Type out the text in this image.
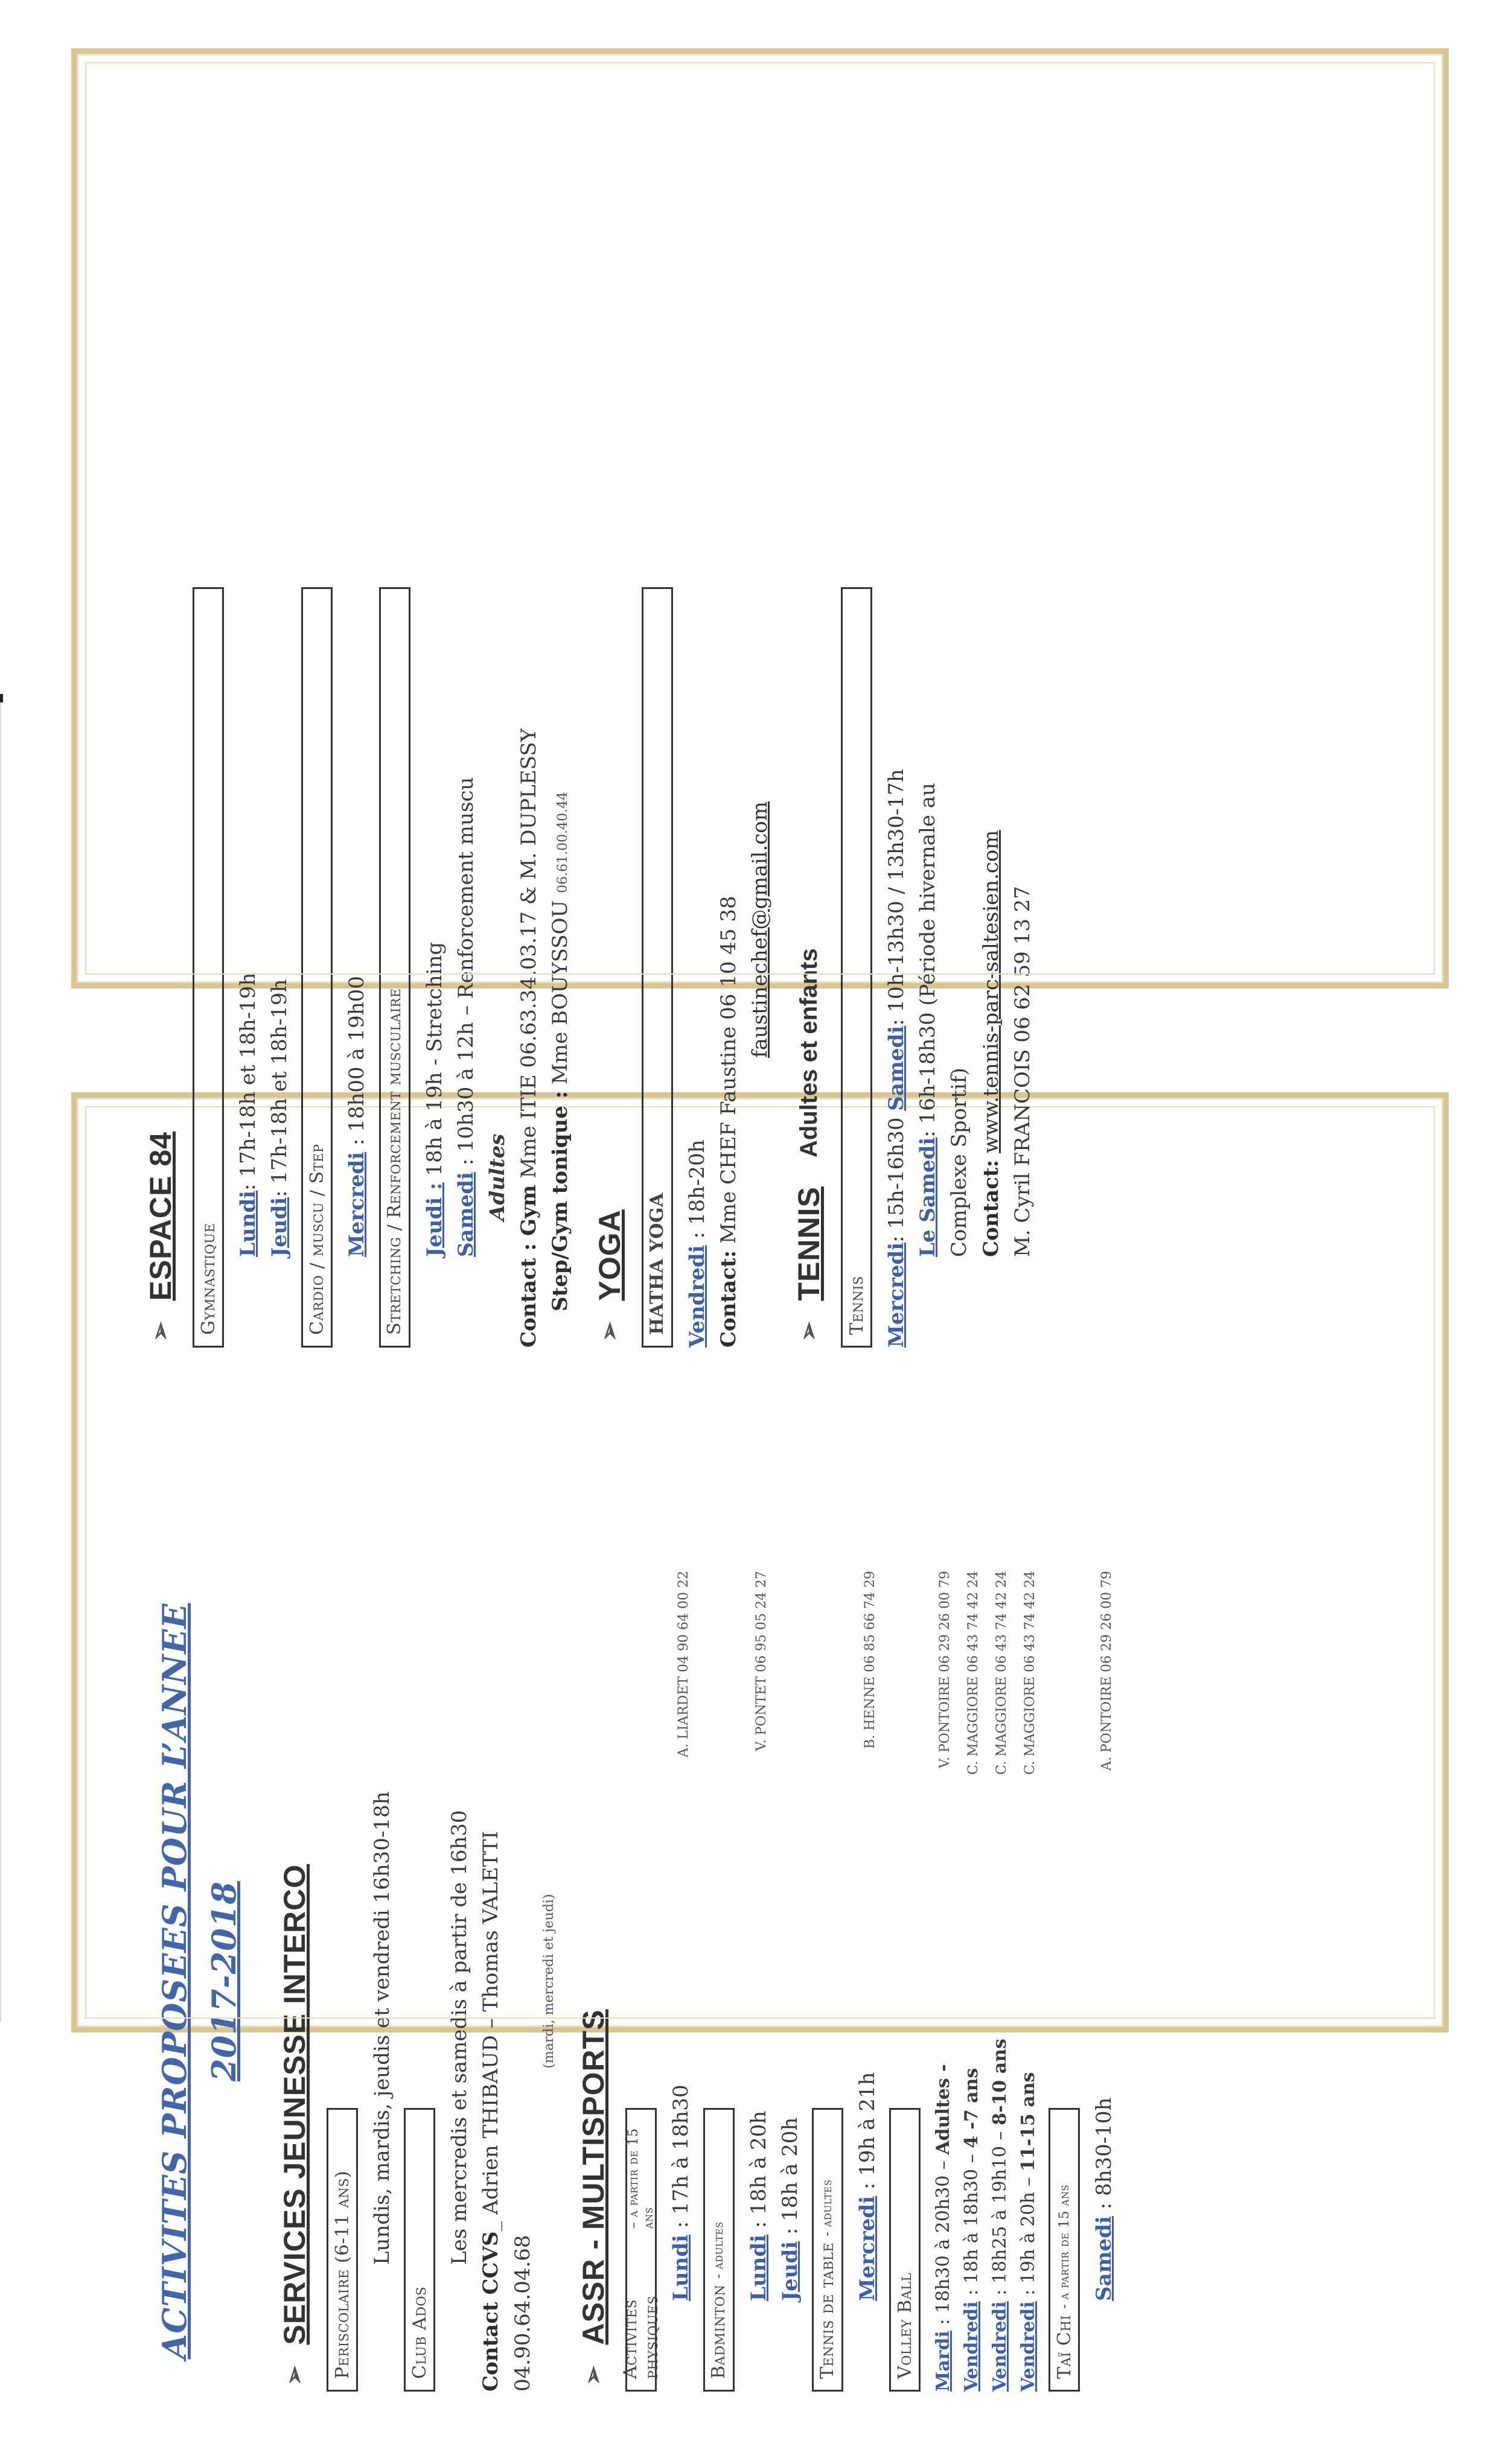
ACTIVITES PROPOSEES POUR L’ANNEE 2017-2018
➢
SERVICES JEUNESSE INTERCO Periscolaire (6-11 ans)
Lundis, mardis, jeudis et vendredi 16h30-18h
Club Ados
Les mercredis et samedis à partir de 16h30
Contact CCVS_ Adrien THIBAUD – Thomas VALETTI
04.90.64.04.68
(mardi, mercredi et jeudi)
➢
ASSR - MULTISPORTS Activites physiques
– a partir de 15 ans
Lundi : 17h à 18h30
A. LIARDET 04 90 64 00 22
Badminton
- adultes Lundi : 18h à 20h
V. PONTET 06 95 05 24 27
Jeudi : 18h à 20h
Tennis de table
- adultes Mercredi : 19h à 21h
B. HENNE 06 85 66 74 29
Volley Ball Mardi : 18h30 à 20h30 – Adultes -
V. PONTOIRE 06 29 26 00 79
Vendredi : 18h à 18h30 – 4 -7 ans
C. MAGGIORE 06 43 74 42 24
Vendredi : 18h25 à 19h10 – 8-10 ans
C. MAGGIORE 06 43 74 42 24
Vendredi : 19h à 20h – 11-15 ans
C. MAGGIORE 06 43 74 42 24
Taï Chi
- a partir de 15 ans Samedi : 8h30-10h
A. PONTOIRE 06 29 26 00 79
➢
ESPACE 84 Gymnastique Lundi: 17h-18h et 18h-19h
Jeudi: 17h-18h et 18h-19h
Cardio / muscu / Step Mercredi : 18h00 à 19h00 Stretching / Renforcement musculaire Jeudi : 18h à 19h - Stretching
Samedi : 10h30 à 12h – Renforcement muscu
Adultes
Contact : Gym Mme ITIE 06.63.34.03.17 & M. DUPLESSY
Step/Gym tonique : Mme BOUYSSOU06.61.00.40.44
➢
YOGA HATHA YOGA Vendredi : 18h-20h
Contact: Mme CHEF Faustine 06 10 45 38 faustinechef@gmail.com
➢
TENNIS
Adultes et enfants
Tennis Mercredi: 15h-16h30 Samedi: 10h-13h30 / 13h30-17h
Le Samedi: 16h-18h30 (Période hivernale au
Complexe Sportif) Contact: www.tennis-parc-saltesien.com M. Cyril FRANCOIS 06 62 59 13 27
